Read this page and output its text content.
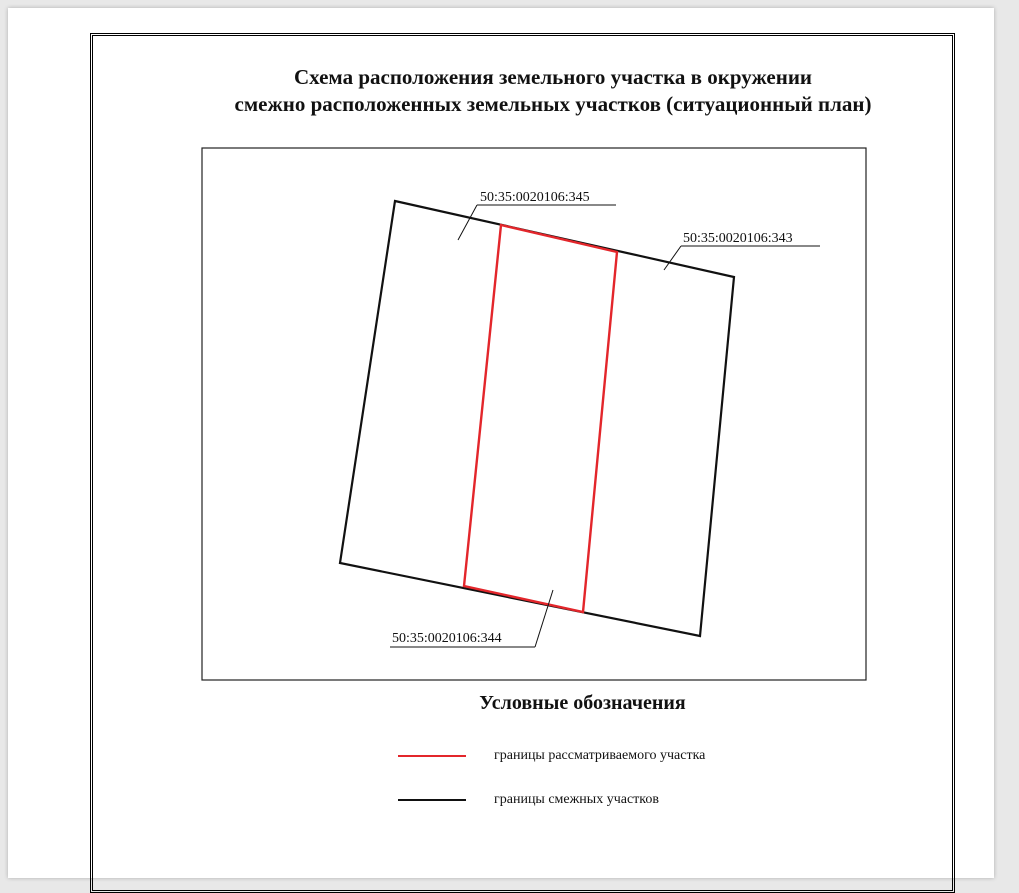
Схема расположения земельного участка в окружении
смежно расположенных земельных участков (ситуационный план)
50:35:0020106:345
50:35:0020106:343
50:35:0020106:344
Условные обозначения
границы рассматриваемого участка
границы смежных участков
